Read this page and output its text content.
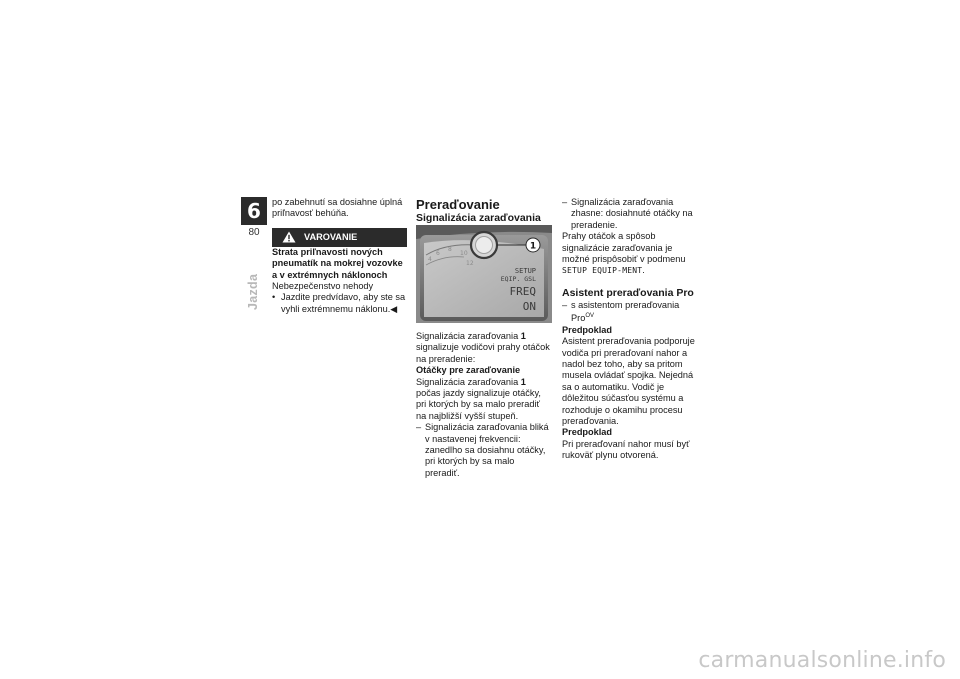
6
80
Jazda

po zabehnutí sa dosiahne úplná priľnavosť behúňa.

VAROVANIE

Strata priľnavosti nových pneumatík na mokrej vozovke a v extrémnych náklonoch

Nebezpečenstvo nehody

• Jazdite predvídavo, aby ste sa vyhli extrémnemu náklonu.◀

Preraďovanie

Signalizácia zaraďovania

4
6
8
10
12
1
SETUP
EQIP. GSL
FREQ
ON

Signalizácia zaraďovania 1 signalizuje vodičovi prahy otáčok na preradenie:

Otáčky pre zaraďovanie

Signalizácia zaraďovania 1 počas jazdy signalizuje otáčky, pri ktorých by sa malo preradiť na najbližší vyšší stupeň.

– Signalizácia zaraďovania bliká v nastavenej frekvencii: zanedlho sa dosiahnu otáčky, pri ktorých by sa malo preradiť.
– Signalizácia zaraďovania zhasne: dosiahnuté otáčky na preradenie.

Prahy otáčok a spôsob signalizácie zaraďovania je možné prispôsobiť v podmenu SETUP EQUIP-MENT.

Asistent preraďovania Pro

– s asistentom preraďovania Pro$^{OV}$

Predpoklad

Asistent preraďovania podporuje vodiča pri preraďovaní nahor a nadol bez toho, aby sa pritom musela ovládať spojka. Nejedná sa o automatiku. Vodič je dôležitou súčasťou systému a rozhoduje o okamihu procesu preraďovania.

Predpoklad

Pri preraďovaní nahor musí byť rukoväť plynu otvorená.

carmanualsonline.info
